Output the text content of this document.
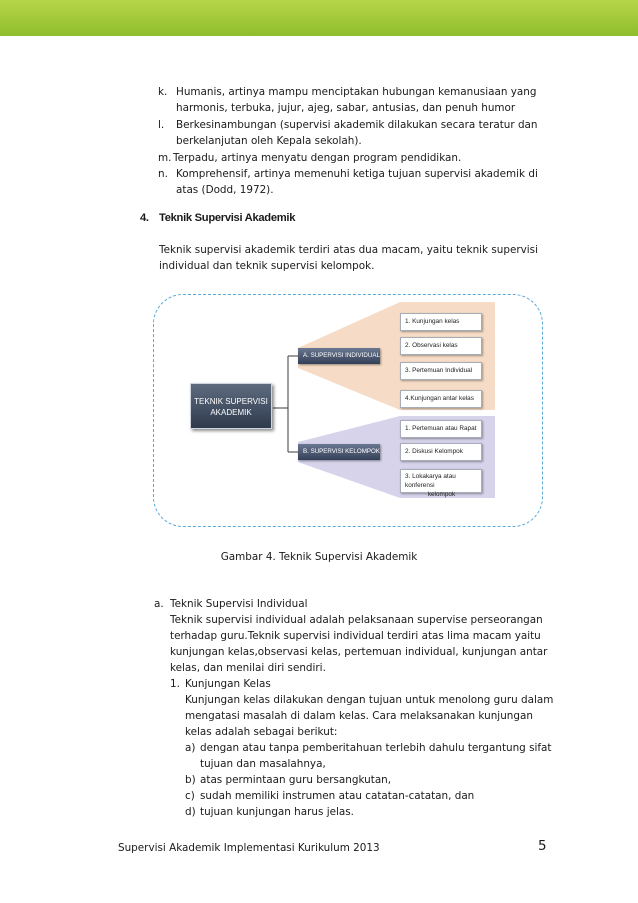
k. Humanis, artinya mampu menciptakan hubungan kemanusiaan yang

harmonis, terbuka, jujur, ajeg, sabar, antusias, dan penuh humor

l. Berkesinambungan (supervisi akademik dilakukan secara teratur dan

berkelanjutan oleh Kepala sekolah).

m. Terpadu, artinya menyatu dengan program pendidikan.

n. Komprehensif, artinya memenuhi ketiga tujuan supervisi akademik di

atas (Dodd, 1972).

4. Teknik Supervisi Akademik

Teknik supervisi akademik terdiri atas dua macam, yaitu teknik supervisi

individual dan teknik supervisi kelompok.

TEKNIK SUPERVISI
AKADEMIK
A. SUPERVISI INDIVIDUAL
B. SUPERVISI KELOMPOK
1. Kunjungan kelas
2. Observasi kelas
3. Pertemuan Individual
4.Kunjungan antar kelas
1. Pertemuan atau Rapat
2. Diskusi Kelompok
3. Lokakarya atau konferensi
kelompok
Gambar 4. Teknik Supervisi Akademik
a. Teknik Supervisi Individual

Teknik supervisi individual adalah pelaksanaan supervise perseorangan

terhadap guru.Teknik supervisi individual terdiri atas lima macam yaitu

kunjungan kelas,observasi kelas, pertemuan individual, kunjungan antar

kelas, dan menilai diri sendiri.

1. Kunjungan Kelas

Kunjungan kelas dilakukan dengan tujuan untuk menolong guru dalam

mengatasi masalah di dalam kelas. Cara melaksanakan kunjungan

kelas adalah sebagai berikut:

a) dengan atau tanpa pemberitahuan terlebih dahulu tergantung sifat

tujuan dan masalahnya,

b) atas permintaan guru bersangkutan,

c) sudah memiliki instrumen atau catatan-catatan, dan

d) tujuan kunjungan harus jelas.

Supervisi Akademik Implementasi Kurikulum 2013	5
